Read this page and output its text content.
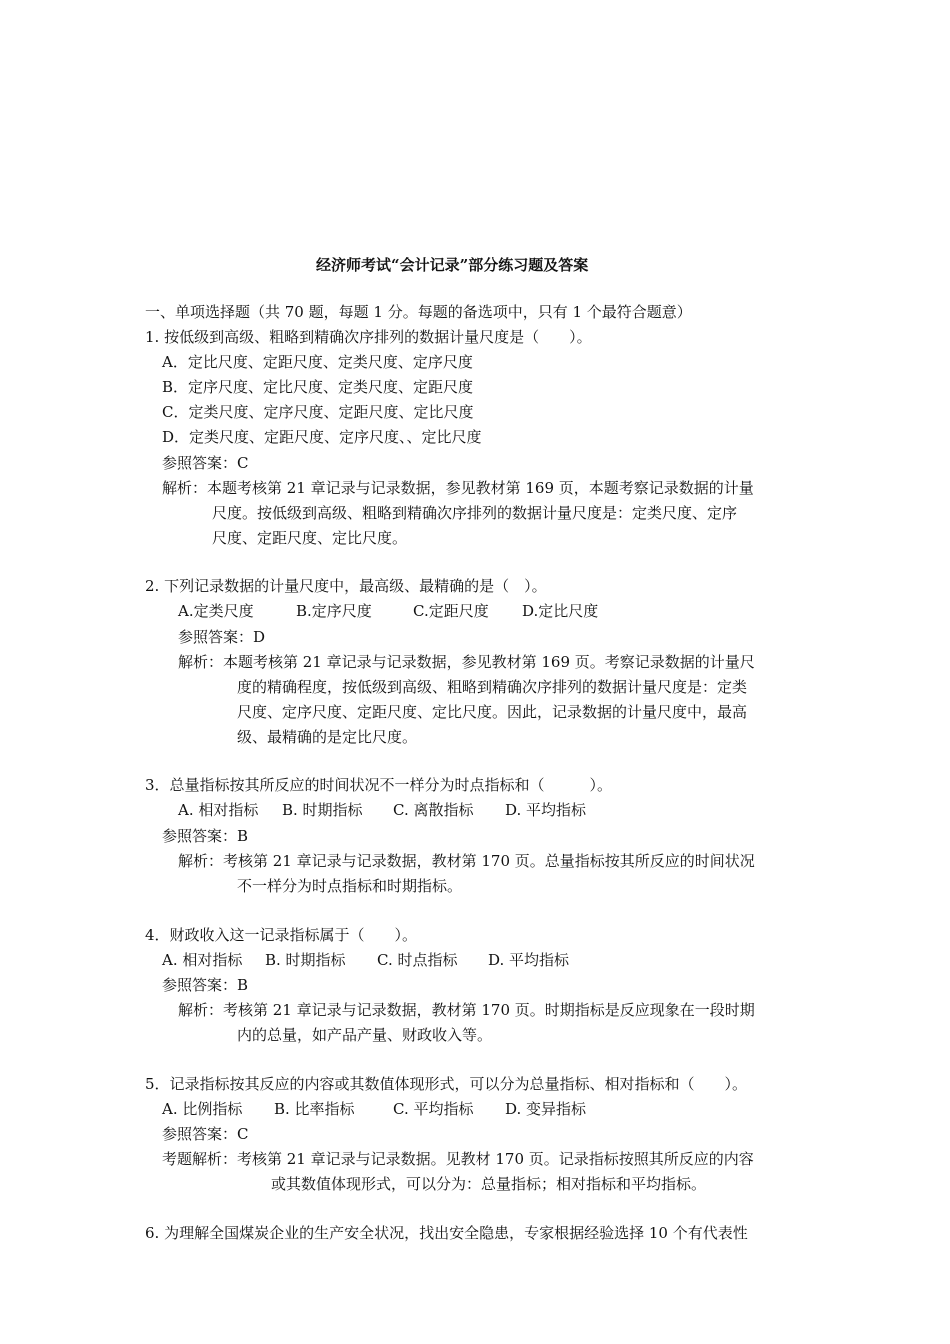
经济师考试“会计记录”部分练习题及答案
一、单项选择题（共 70 题，每题 1 分。每题的备选项中，只有 1 个最符合题意）
1. 按低级到高级、粗略到精确次序排列的数据计量尺度是（　　）。
A．定比尺度、定距尺度、定类尺度、定序尺度
B．定序尺度、定比尺度、定类尺度、定距尺度
C．定类尺度、定序尺度、定距尺度、定比尺度
D．定类尺度、定距尺度、定序尺度、、定比尺度
参照答案：C
解析：本题考核第 21 章记录与记录数据，参见教材第 169 页，本题考察记录数据的计量
尺度。按低级到高级、粗略到精确次序排列的数据计量尺度是：定类尺度、定序
尺度、定距尺度、定比尺度。
2. 下列记录数据的计量尺度中，最高级、最精确的是（　）。
A.定类尺度	B.定序尺度	C.定距尺度 D.定比尺度
参照答案：D
解析：本题考核第 21 章记录与记录数据，参见教材第 169 页。考察记录数据的计量尺
度的精确程度，按低级到高级、粗略到精确次序排列的数据计量尺度是：定类
尺度、定序尺度、定距尺度、定比尺度。因此，记录数据的计量尺度中，最高
级、最精确的是定比尺度。
3．总量指标按其所反应的时间状况不一样分为时点指标和（　　　）。
A. 相对指标 B. 时期指标 C. 离散指标 D. 平均指标
参照答案：B
解析：考核第 21 章记录与记录数据，教材第 170 页。总量指标按其所反应的时间状况
不一样分为时点指标和时期指标。
4．财政收入这一记录指标属于（　　）。
A. 相对指标 B. 时期指标 C. 时点指标 D. 平均指标
参照答案：B
解析：考核第 21 章记录与记录数据，教材第 170 页。时期指标是反应现象在一段时期
内的总量，如产品产量、财政收入等。
5．记录指标按其反应的内容或其数值体现形式，可以分为总量指标、相对指标和（　　）。
A. 比例指标 B. 比率指标	C. 平均指标 D. 变异指标
参照答案：C
考题解析：考核第 21 章记录与记录数据。见教材 170 页。记录指标按照其所反应的内容
或其数值体现形式，可以分为：总量指标；相对指标和平均指标。
6. 为理解全国煤炭企业的生产安全状况，找出安全隐患，专家根据经验选择 10 个有代表性
